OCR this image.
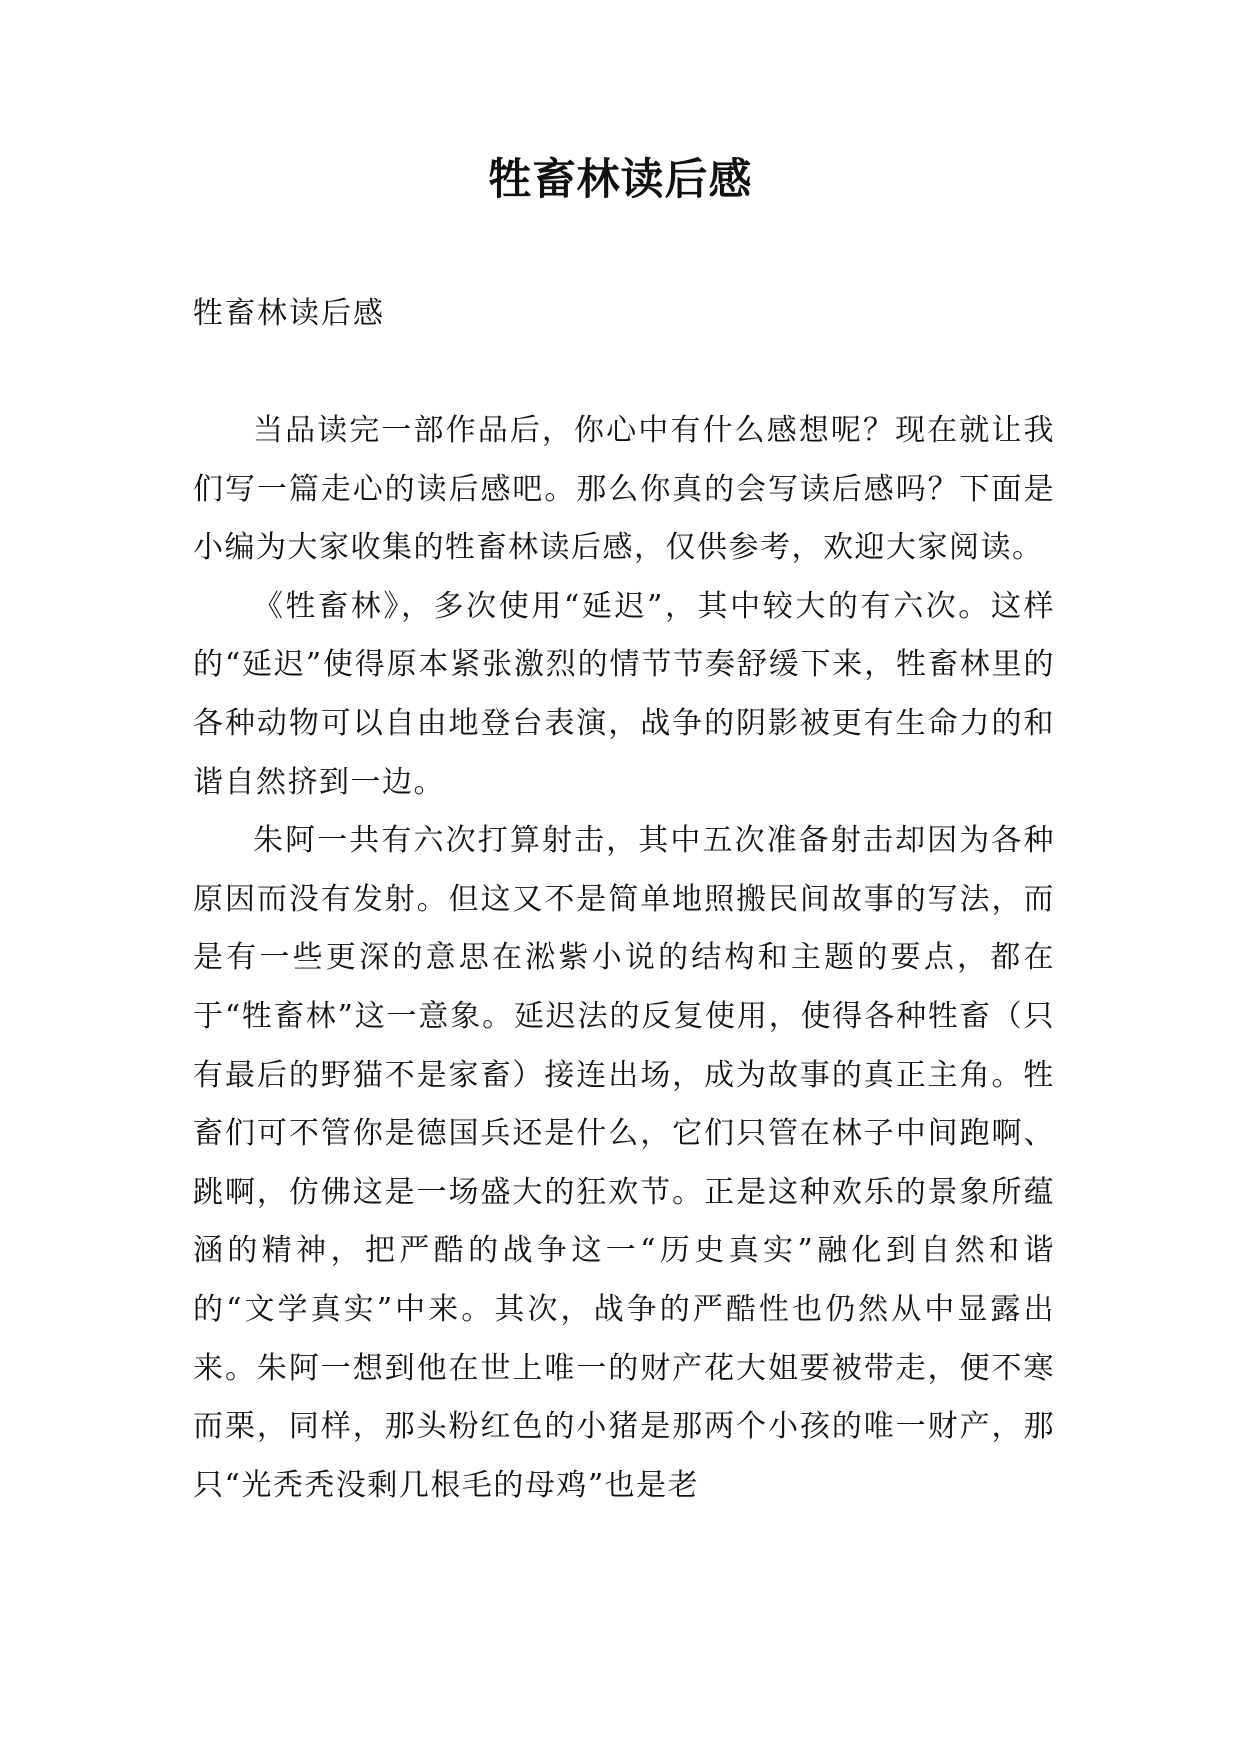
牲畜林读后感

牲畜林读后感

当品读完一部作品后，你心中有什么感想呢？现在就让我们写一篇走心的读后感吧。那么你真的会写读后感吗？下面是小编为大家收集的牲畜林读后感，仅供参考，欢迎大家阅读。

《牲畜林》，多次使用“延迟”，其中较大的有六次。这样的“延迟”使得原本紧张激烈的情节节奏舒缓下来，牲畜林里的各种动物可以自由地登台表演，战争的阴影被更有生命力的和谐自然挤到一边。

朱阿一共有六次打算射击，其中五次准备射击却因为各种原因而没有发射。但这又不是简单地照搬民间故事的写法，而是有一些更深的意思在淞紫小说的结构和主题的要点，都在于“牲畜林”这一意象。延迟法的反复使用，使得各种牲畜（只有最后的野猫不是家畜）接连出场，成为故事的真正主角。牲畜们可不管你是德国兵还是什么，它们只管在林子中间跑啊、跳啊，仿佛这是一场盛大的狂欢节。正是这种欢乐的景象所蕴涵的精神，把严酷的战争这一“历史真实”融化到自然和谐的“文学真实”中来。其次，战争的严酷性也仍然从中显露出来。朱阿一想到他在世上唯一的财产花大姐要被带走，便不寒而栗，同样，那头粉红色的小猪是那两个小孩的唯一财产，那只“光秃秃没剩几根毛的母鸡”也是老
